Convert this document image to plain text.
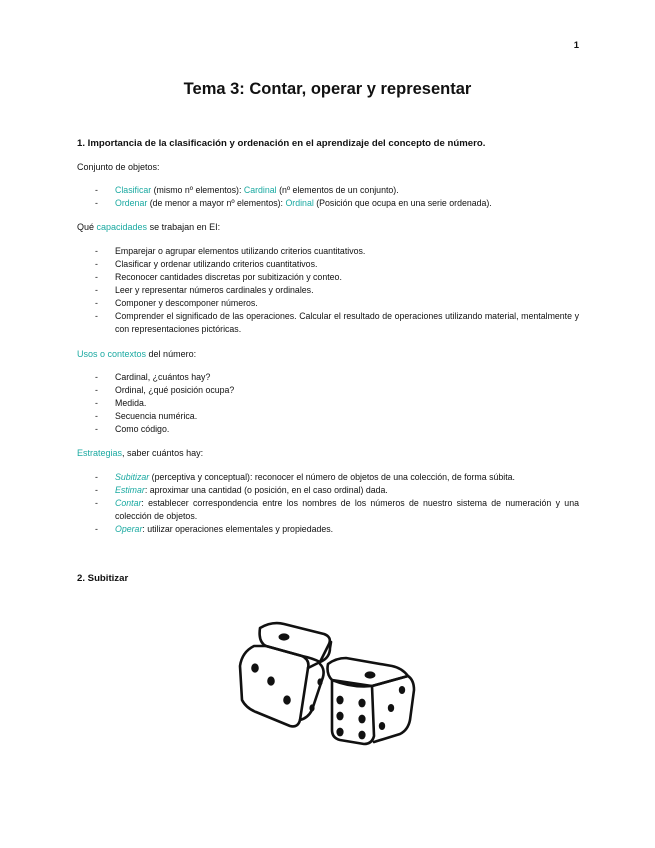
1
Tema 3: Contar, operar y representar
1. Importancia de la clasificación y ordenación en el aprendizaje del concepto de número.
Conjunto de objetos:
- Clasificar (mismo nº elementos): Cardinal (nº elementos de un conjunto).
- Ordenar (de menor a mayor nº elementos): Ordinal (Posición que ocupa en una serie ordenada).
Qué capacidades se trabajan en EI:
- Emparejar o agrupar elementos utilizando criterios cuantitativos.
- Clasificar y ordenar utilizando criterios cuantitativos.
- Reconocer cantidades discretas por subitización y conteo.
- Leer y representar números cardinales y ordinales.
- Componer y descomponer números.
- Comprender el significado de las operaciones. Calcular el resultado de operaciones utilizando material, mentalmente y con representaciones pictóricas.
Usos o contextos del número:
- Cardinal, ¿cuántos hay?
- Ordinal, ¿qué posición ocupa?
- Medida.
- Secuencia numérica.
- Como código.
Estrategias, saber cuántos hay:
- Subitizar (perceptiva y conceptual): reconocer el número de objetos de una colección, de forma súbita.
- Estimar: aproximar una cantidad (o posición, en el caso ordinal) dada.
- Contar: establecer correspondencia entre los nombres de los números de nuestro sistema de numeración y una colección de objetos.
- Operar: utilizar operaciones elementales y propiedades.
2. Subitizar
